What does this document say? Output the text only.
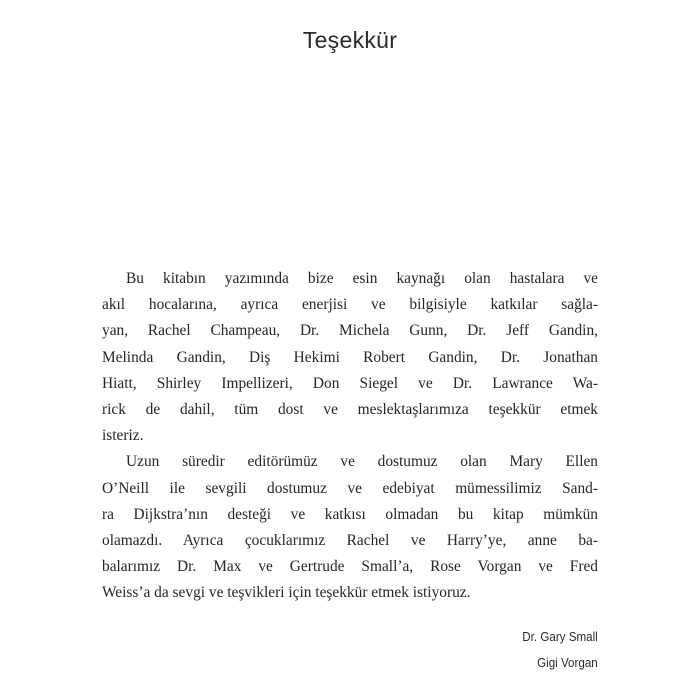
Teşekkür
Bu kitabın yazımında bize esin kaynağı olan hastalara ve
akıl hocalarına, ayrıca enerjisi ve bilgisiyle katkılar sağla-
yan, Rachel Champeau, Dr. Michela Gunn, Dr. Jeff Gandin,
Melinda Gandin, Diş Hekimi Robert Gandin, Dr. Jonathan
Hiatt, Shirley Impellizeri, Don Siegel ve Dr. Lawrance Wa-
rick de dahil, tüm dost ve meslektaşlarımıza teşekkür etmek
isteriz.
Uzun süredir editörümüz ve dostumuz olan Mary Ellen
O’Neill ile sevgili dostumuz ve edebiyat mümessilimiz Sand-
ra Dijkstra’nın desteği ve katkısı olmadan bu kitap mümkün
olamazdı. Ayrıca çocuklarımız Rachel ve Harry’ye, anne ba-
balarımız Dr. Max ve Gertrude Small’a, Rose Vorgan ve Fred
Weiss’a da sevgi ve teşvikleri için teşekkür etmek istiyoruz.
Dr. Gary Small
Gigi Vorgan
